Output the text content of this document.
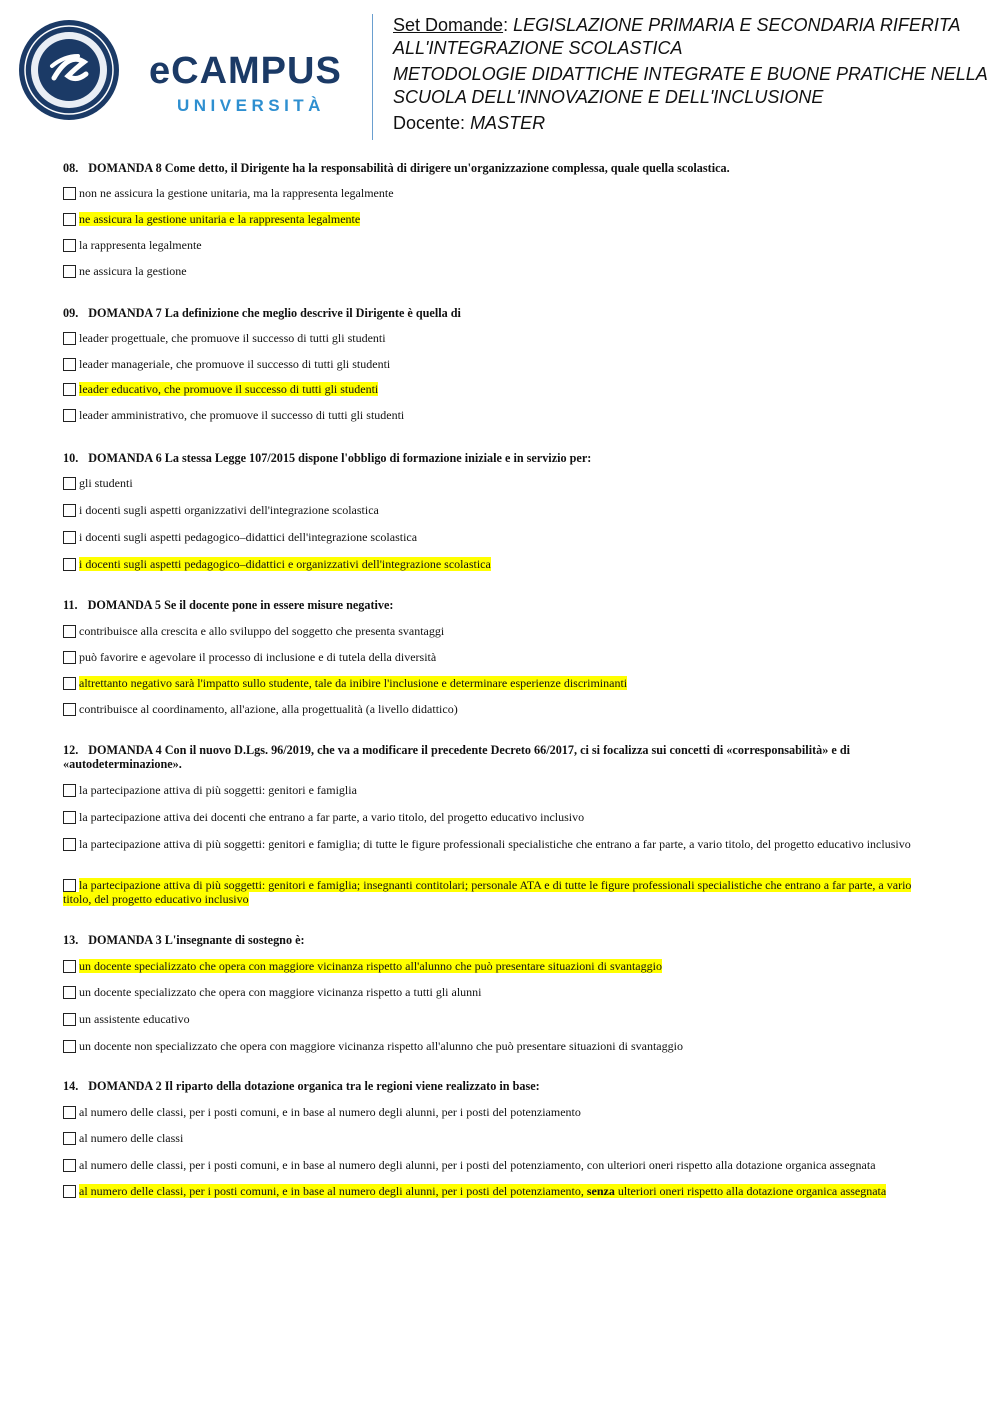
eCAMPUS
UNIVERSITÀ
Set Domande: LEGISLAZIONE PRIMARIA E SECONDARIA RIFERITA ALL'INTEGRAZIONE SCOLASTICA
METODOLOGIE DIDATTICHE INTEGRATE E BUONE PRATICHE NELLA SCUOLA DELL'INNOVAZIONE E DELL'INCLUSIONE
Docente: MASTER
08. DOMANDA 8 Come detto, il Dirigente ha la responsabilità di dirigere un'organizzazione complessa, quale quella scolastica.
non ne assicura la gestione unitaria, ma la rappresenta legalmente
ne assicura la gestione unitaria e la rappresenta legalmente
la rappresenta legalmente
ne assicura la gestione
09. DOMANDA 7 La definizione che meglio descrive il Dirigente è quella di
leader progettuale, che promuove il successo di tutti gli studenti
leader manageriale, che promuove il successo di tutti gli studenti
leader educativo, che promuove il successo di tutti gli studenti
leader amministrativo, che promuove il successo di tutti gli studenti
10. DOMANDA 6 La stessa Legge 107/2015 dispone l'obbligo di formazione iniziale e in servizio per:
gli studenti
i docenti sugli aspetti organizzativi dell'integrazione scolastica
i docenti sugli aspetti pedagogico–didattici dell'integrazione scolastica
i docenti sugli aspetti pedagogico–didattici e organizzativi dell'integrazione scolastica
11. DOMANDA 5 Se il docente pone in essere misure negative:
contribuisce alla crescita e allo sviluppo del soggetto che presenta svantaggi
può favorire e agevolare il processo di inclusione e di tutela della diversità
altrettanto negativo sarà l'impatto sullo studente, tale da inibire l'inclusione e determinare esperienze discriminanti
contribuisce al coordinamento, all'azione, alla progettualità (a livello didattico)
12. DOMANDA 4 Con il nuovo D.Lgs. 96/2019, che va a modificare il precedente Decreto 66/2017, ci si focalizza sui concetti di «corresponsabilità» e di «autodeterminazione».
la partecipazione attiva di più soggetti: genitori e famiglia
la partecipazione attiva dei docenti che entrano a far parte, a vario titolo, del progetto educativo inclusivo
la partecipazione attiva di più soggetti: genitori e famiglia; di tutte le figure professionali specialistiche che entrano a far parte, a vario titolo, del progetto educativo inclusivo
la partecipazione attiva di più soggetti: genitori e famiglia; insegnanti contitolari; personale ATA e di tutte le figure professionali specialistiche che entrano a far parte, a vario titolo, del progetto educativo inclusivo
13. DOMANDA 3 L'insegnante di sostegno è:
un docente specializzato che opera con maggiore vicinanza rispetto all'alunno che può presentare situazioni di svantaggio
un docente specializzato che opera con maggiore vicinanza rispetto a tutti gli alunni
un assistente educativo
un docente non specializzato che opera con maggiore vicinanza rispetto all'alunno che può presentare situazioni di svantaggio
14. DOMANDA 2 Il riparto della dotazione organica tra le regioni viene realizzato in base:
al numero delle classi, per i posti comuni, e in base al numero degli alunni, per i posti del potenziamento
al numero delle classi
al numero delle classi, per i posti comuni, e in base al numero degli alunni, per i posti del potenziamento, con ulteriori oneri rispetto alla dotazione organica assegnata
al numero delle classi, per i posti comuni, e in base al numero degli alunni, per i posti del potenziamento, senza ulteriori oneri rispetto alla dotazione organica assegnata
